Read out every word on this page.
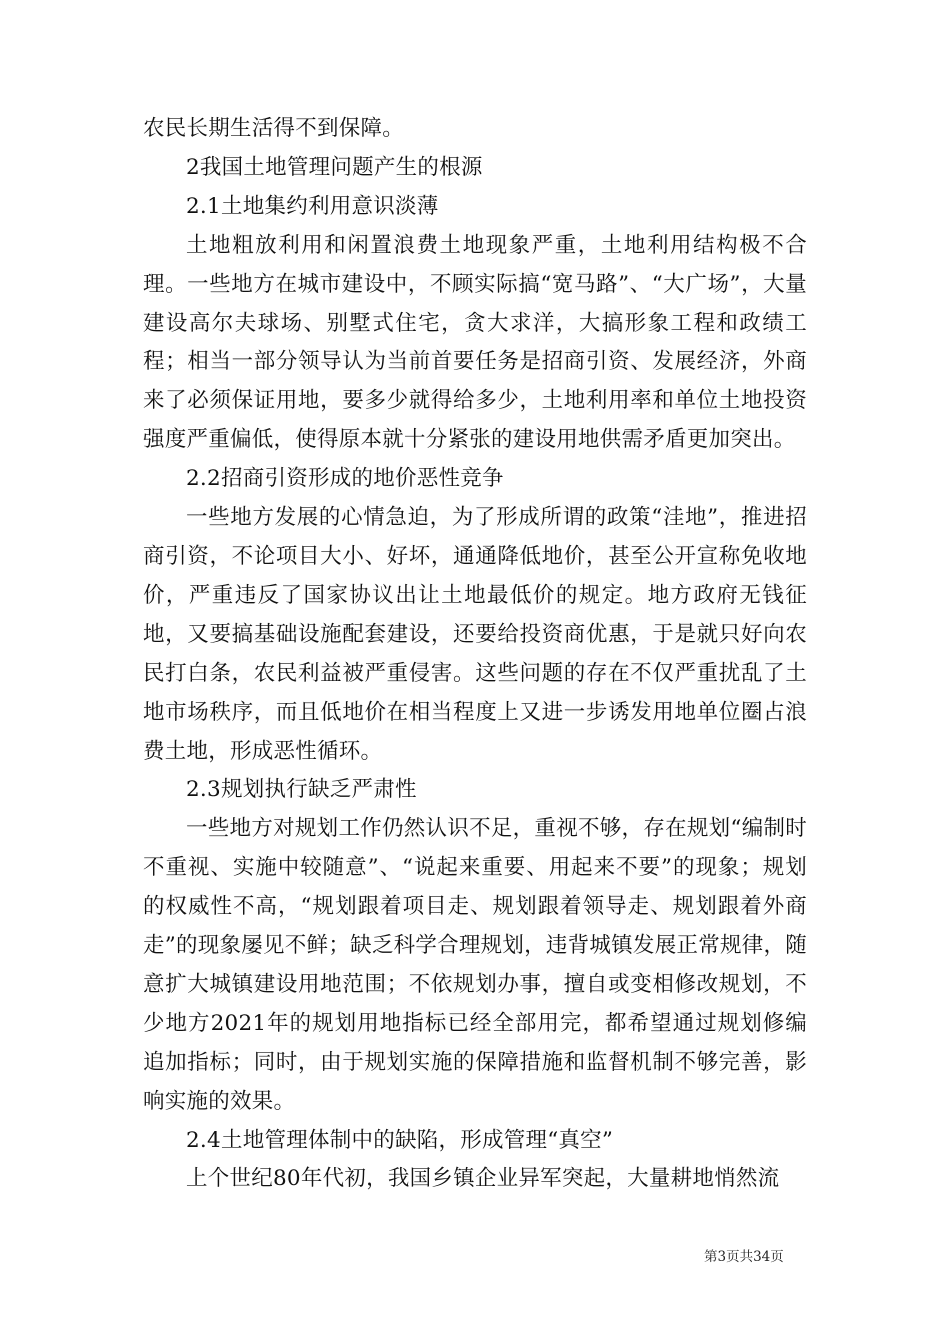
农民长期生活得不到保障。

2我国土地管理问题产生的根源

2.1土地集约利用意识淡薄

土地粗放利用和闲置浪费土地现象严重，土地利用结构极不合理。一些地方在城市建设中，不顾实际搞“宽马路”、“大广场”，大量建设高尔夫球场、别墅式住宅，贪大求洋，大搞形象工程和政绩工程；相当一部分领导认为当前首要任务是招商引资、发展经济，外商来了必须保证用地，要多少就得给多少，土地利用率和单位土地投资强度严重偏低，使得原本就十分紧张的建设用地供需矛盾更加突出。

2.2招商引资形成的地价恶性竞争

一些地方发展的心情急迫，为了形成所谓的政策“洼地”，推进招商引资，不论项目大小、好坏，通通降低地价，甚至公开宣称免收地价，严重违反了国家协议出让土地最低价的规定。地方政府无钱征地，又要搞基础设施配套建设，还要给投资商优惠，于是就只好向农民打白条，农民利益被严重侵害。这些问题的存在不仅严重扰乱了土地市场秩序，而且低地价在相当程度上又进一步诱发用地单位圈占浪费土地，形成恶性循环。

2.3规划执行缺乏严肃性

一些地方对规划工作仍然认识不足，重视不够，存在规划“编制时不重视、实施中较随意”、“说起来重要、用起来不要”的现象；规划的权威性不高，“规划跟着项目走、规划跟着领导走、规划跟着外商走”的现象屡见不鲜；缺乏科学合理规划，违背城镇发展正常规律，随意扩大城镇建设用地范围；不依规划办事，擅自或变相修改规划，不少地方2021年的规划用地指标已经全部用完，都希望通过规划修编追加指标；同时，由于规划实施的保障措施和监督机制不够完善，影响实施的效果。

2.4土地管理体制中的缺陷，形成管理“真空”

上个世纪80年代初，我国乡镇企业异军突起，大量耕地悄然流

第3页共34页
